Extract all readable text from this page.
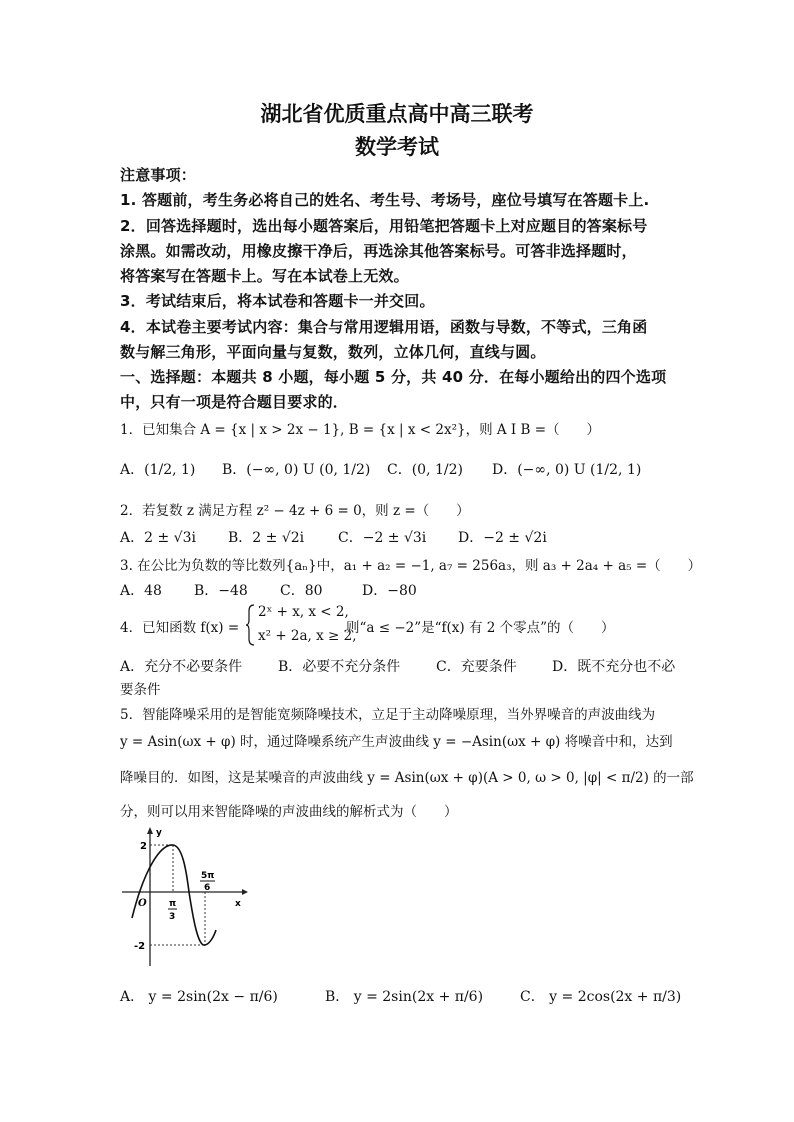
湖北省优质重点高中高三联考
数学考试
注意事项：
1. 答题前，考生务必将自己的姓名、考生号、考场号，座位号填写在答题卡上.
2．回答选择题时，选出每小题答案后，用铅笔把答题卡上对应题目的答案标号
涂黑。如需改动，用橡皮擦干净后，再选涂其他答案标号。可答非选择题时，
将答案写在答题卡上。写在本试卷上无效。
3．考试结束后，将本试卷和答题卡一并交回。
4．本试卷主要考试内容：集合与常用逻辑用语，函数与导数，不等式，三角函
数与解三角形，平面向量与复数，数列，立体几何，直线与圆。
一、选择题：本题共 8 小题，每小题 5 分，共 40 分．在每小题给出的四个选项
中，只有一项是符合题目要求的．
1．已知集合 A = {x | x > 2x − 1}, B = {x | x < 2x²}，则 A I B =（　　）
A．(1/2, 1) B．(−∞, 0) U (0, 1/2) C．(0, 1/2) D．(−∞, 0) U (1/2, 1)
2．若复数 z 满足方程 z² − 4z + 6 = 0，则 z =（　　）
A．2 ± √3i B．2 ± √2i C．−2 ± √3i D．−2 ± √2i
3. 在公比为负数的等比数列{aₙ}中，a₁ + a₂ = −1, a₇ = 256a₃，则 a₃ + 2a₄ + a₅ =（　　）
A．48 B．−48 C．80	D．−80
4．已知函数 f(x) =
2ˣ + x, x < 2,
x² + 2a, x ≥ 2,
则“a ≤ −2”是“f(x) 有 2 个零点”的（　　）
A．充分不必要条件	B．必要不充分条件	C．充要条件	D．既不充分也不必
要条件
5．智能降噪采用的是智能宽频降噪技术，立足于主动降噪原理，当外界噪音的声波曲线为
y = Asin(ωx + φ) 时，通过降噪系统产生声波曲线 y = −Asin(ωx + φ) 将噪音中和，达到
降噪目的．如图，这是某噪音的声波曲线 y = Asin(ωx + φ)(A > 0, ω > 0, |φ| < π/2) 的一部
分，则可以用来智能降噪的声波曲线的解析式为（　　）
y
x
O
2
-2
π
3
5π
6
A． y = 2sin(2x − π/6)	B． y = 2sin(2x + π/6)	C． y = 2cos(2x + π/3)
